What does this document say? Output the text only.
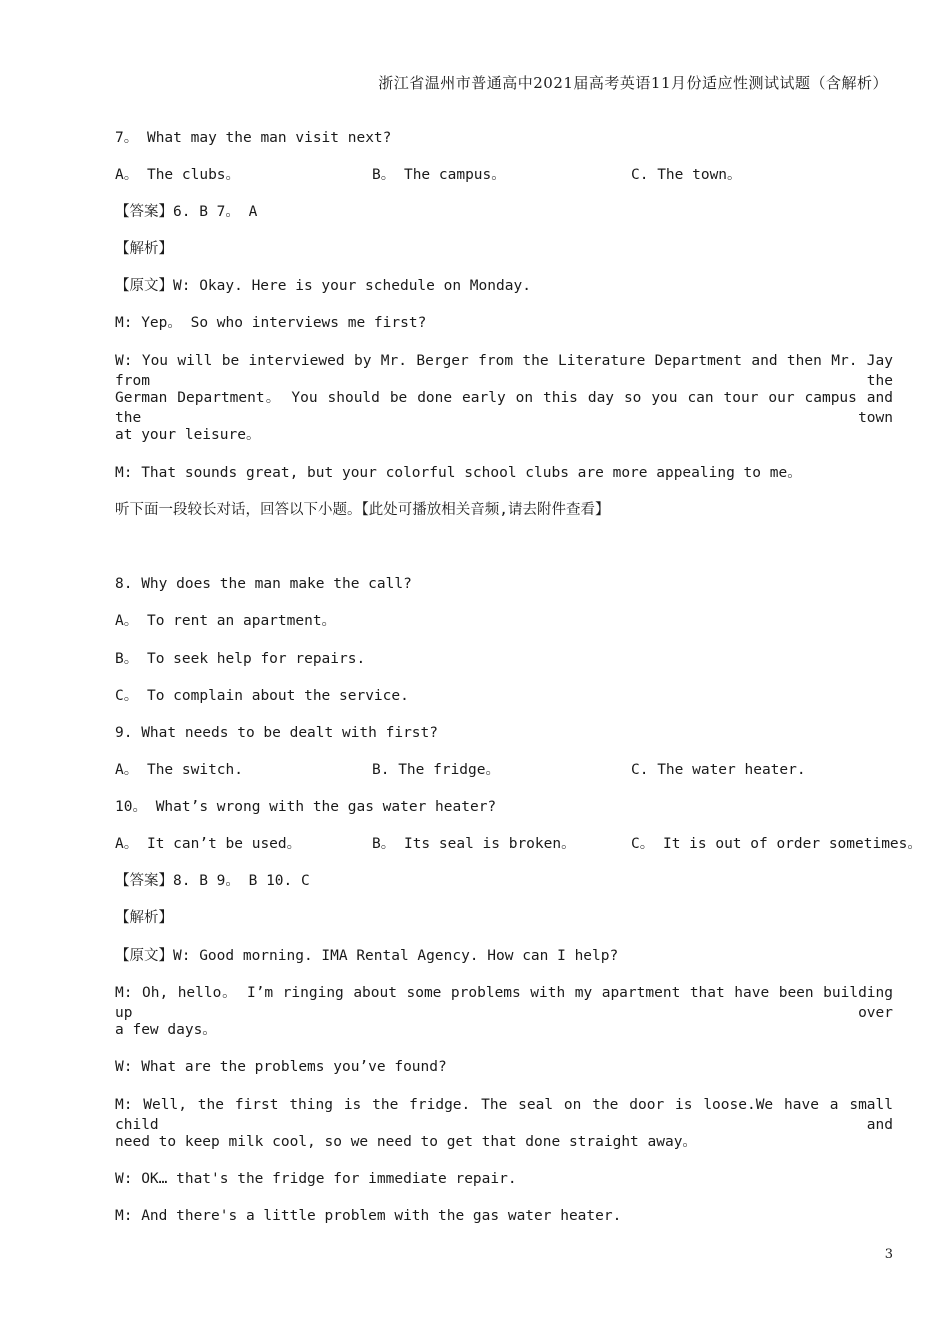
浙江省温州市普通高中2021届高考英语11月份适应性测试试题（含解析）
7。 What may the man visit next?
A。 The clubs。	B。 The campus。	C. The town。
【答案】6. B 7。 A
【解析】
【原文】W: Okay. Here is your schedule on Monday.
M: Yep。 So who interviews me first?
W: You will be interviewed by Mr. Berger from the Literature Department and then Mr. Jay from the
German Department。 You should be done early on this day so you can tour our campus and the town
at your leisure。
M: That sounds great, but your colorful school clubs are more appealing to me。
听下面一段较长对话，回答以下小题。【此处可播放相关音频,请去附件查看】
8. Why does the man make the call?
A。 To rent an apartment。
B。 To seek help for repairs.
C。 To complain about the service.
9. What needs to be dealt with first?
A。 The switch.	B. The fridge。	C. The water heater.
10。 What’s wrong with the gas water heater?
A。 It can’t be used。	B。 Its seal is broken。	C。 It is out of order sometimes。
【答案】8. B 9。 B 10. C
【解析】
【原文】W: Good morning. IMA Rental Agency. How can I help?
M: Oh, hello。 I’m ringing about some problems with my apartment that have been building up over
a few days。
W: What are the problems you’ve found?
M: Well, the first thing is the fridge. The seal on the door is loose.We have a small child and
need to keep milk cool, so we need to get that done straight away。
W: OK… that's the fridge for immediate repair.
M: And there's a little problem with the gas water heater.
3
